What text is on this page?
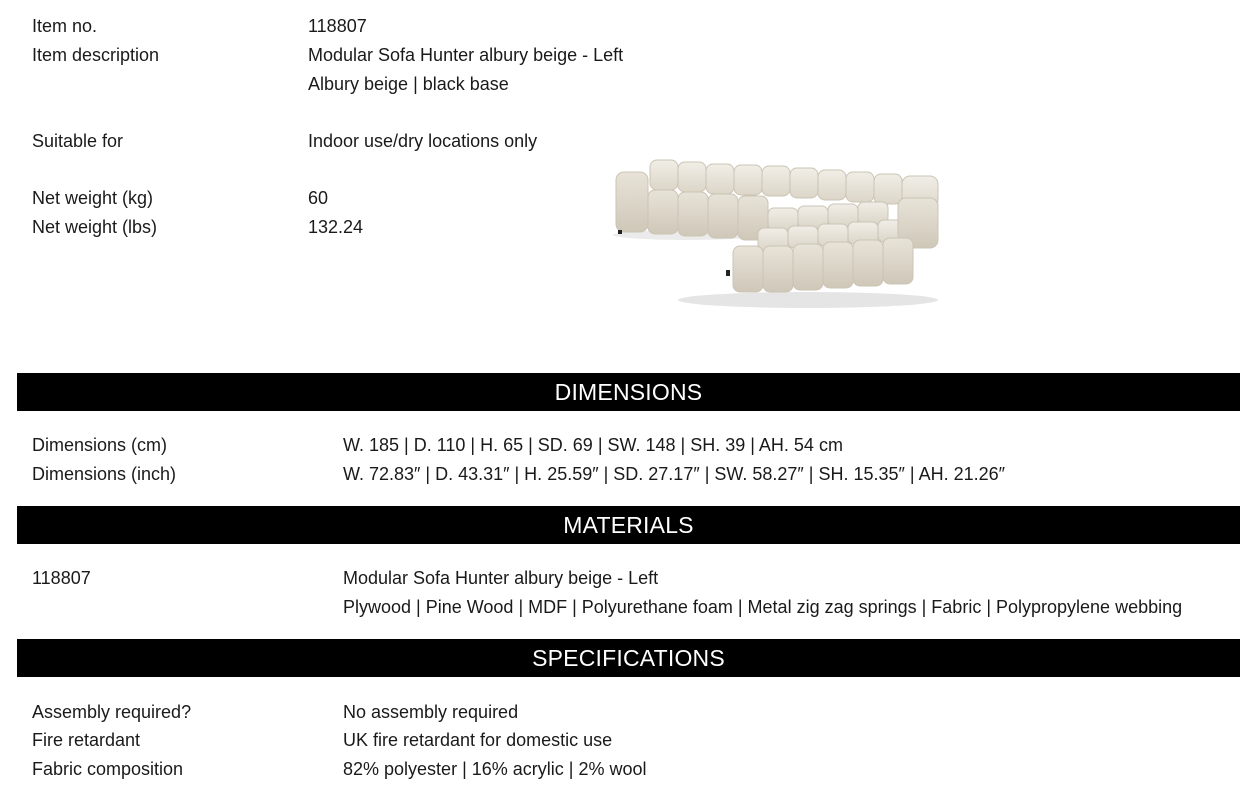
Item no.	118807
Item description	Modular Sofa Hunter albury beige - Left
Albury beige | black base
Suitable for	Indoor use/dry locations only
Net weight (kg)	60
Net weight (lbs)	132.24
DIMENSIONS
Dimensions (cm)	W. 185 | D. 110 | H. 65 | SD. 69 | SW. 148 | SH. 39 | AH. 54 cm
Dimensions (inch)	W. 72.83″ | D. 43.31″ | H. 25.59″ | SD. 27.17″ | SW. 58.27″ | SH. 15.35″ | AH. 21.26″
MATERIALS
118807	Modular Sofa Hunter albury beige - Left
Plywood | Pine Wood | MDF | Polyurethane foam | Metal zig zag springs | Fabric | Polypropylene webbing
SPECIFICATIONS
Assembly required?	No assembly required
Fire retardant	UK fire retardant for domestic use
Fabric composition	82% polyester | 16% acrylic | 2% wool
